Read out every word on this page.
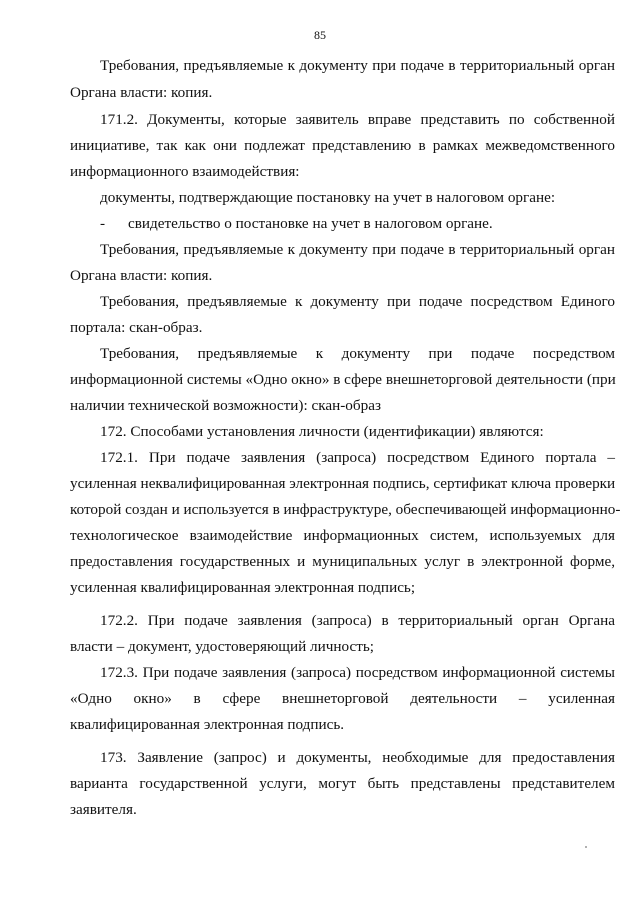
85
Требования, предъявляемые к документу при подаче в территориальный орган
Органа власти: копия.
171.2. Документы, которые заявитель вправе представить по собственной
инициативе, так как они подлежат представлению в рамках межведомственного
информационного взаимодействия:
документы, подтверждающие постановку на учет в налоговом органе:
- свидетельство о постановке на учет в налоговом органе.
Требования, предъявляемые к документу при подаче в территориальный орган
Органа власти: копия.
Требования, предъявляемые к документу при подаче посредством Единого
портала: скан-образ.
Требования, предъявляемые к документу при подаче посредством
информационной системы «Одно окно» в сфере внешнеторговой деятельности (при
наличии технической возможности): скан-образ
172. Способами установления личности (идентификации) являются:
172.1. При подаче заявления (запроса) посредством Единого портала –
усиленная неквалифицированная электронная подпись, сертификат ключа проверки
которой создан и используется в инфраструктуре, обеспечивающей информационно-
технологическое взаимодействие информационных систем, используемых для
предоставления государственных и муниципальных услуг в электронной форме,
усиленная квалифицированная электронная подпись;
172.2. При подаче заявления (запроса) в территориальный орган Органа
власти – документ, удостоверяющий личность;
172.3. При подаче заявления (запроса) посредством информационной системы
«Одно окно» в сфере внешнеторговой деятельности – усиленная
квалифицированная электронная подпись.
173. Заявление (запрос) и документы, необходимые для предоставления
варианта государственной услуги, могут быть представлены представителем
заявителя.
